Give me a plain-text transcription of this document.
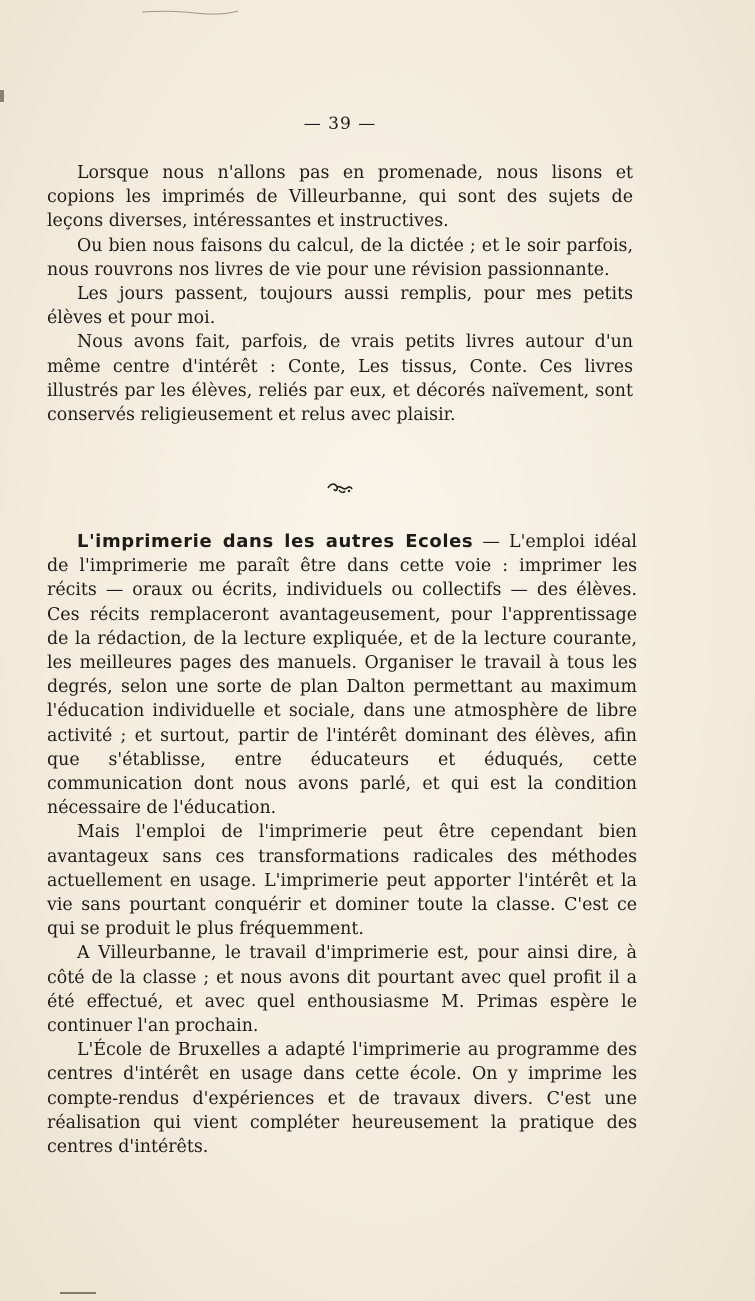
— 39 —

Lorsque nous n'allons pas en promenade, nous lisons et copions les imprimés de Villeurbanne, qui sont des sujets de leçons diverses, intéressantes et instructives.

Ou bien nous faisons du calcul, de la dictée ; et le soir parfois, nous rouvrons nos livres de vie pour une révision passionnante.

Les jours passent, toujours aussi remplis, pour mes petits élèves et pour moi.

Nous avons fait, parfois, de vrais petits livres autour d'un même centre d'intérêt : Conte, Les tissus, Conte. Ces livres illustrés par les élèves, reliés par eux, et décorés naïvement, sont conservés religieusement et relus avec plaisir.

L'imprimerie dans les autres Ecoles — L'emploi idéal de l'imprimerie me paraît être dans cette voie : imprimer les récits — oraux ou écrits, individuels ou collectifs — des élèves. Ces récits remplaceront avantageusement, pour l'apprentissage de la rédaction, de la lecture expliquée, et de la lecture courante, les meilleures pages des manuels. Organiser le travail à tous les degrés, selon une sorte de plan Dalton permettant au maximum l'éducation individuelle et sociale, dans une atmosphère de libre activité ; et surtout, partir de l'intérêt dominant des élèves, afin que s'établisse, entre éducateurs et éduqués, cette communication dont nous avons parlé, et qui est la condition nécessaire de l'éducation.

Mais l'emploi de l'imprimerie peut être cependant bien avantageux sans ces transformations radicales des méthodes actuellement en usage. L'imprimerie peut apporter l'intérêt et la vie sans pourtant conquérir et dominer toute la classe. C'est ce qui se produit le plus fréquemment.

A Villeurbanne, le travail d'imprimerie est, pour ainsi dire, à côté de la classe ; et nous avons dit pourtant avec quel profit il a été effectué, et avec quel enthousiasme M. Primas espère le continuer l'an prochain.

L'École de Bruxelles a adapté l'imprimerie au programme des centres d'intérêt en usage dans cette école. On y imprime les compte-rendus d'expériences et de travaux divers. C'est une réalisation qui vient compléter heureusement la pratique des centres d'intérêts.
